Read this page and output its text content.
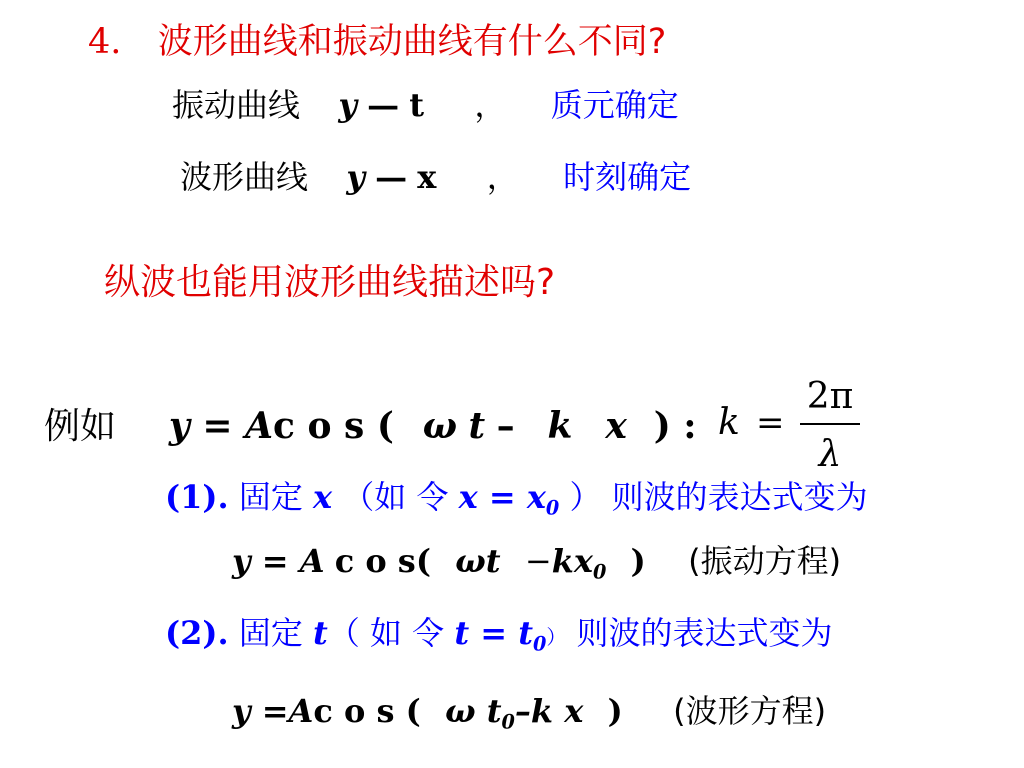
4. 波形曲线和振动曲线有什么不同?
振动曲线 y — t ， 质元确定
波形曲线 y — x ， 时刻确定
纵波也能用波形曲线描述吗?
例如 y = Ac o s ( ω t – k x ) : k =
2π
λ
(1). 固定 x （如 令 $x = x_0$ ） 则波的表达式变为
y = A c o s( $\omega t -kx_0$ ) (振动方程)
(2). 固定 t（ 如 令 $t = t_0$） 则波的表达式变为
y =Ac o s ( ω $t_0-k$ x ) (波形方程)
